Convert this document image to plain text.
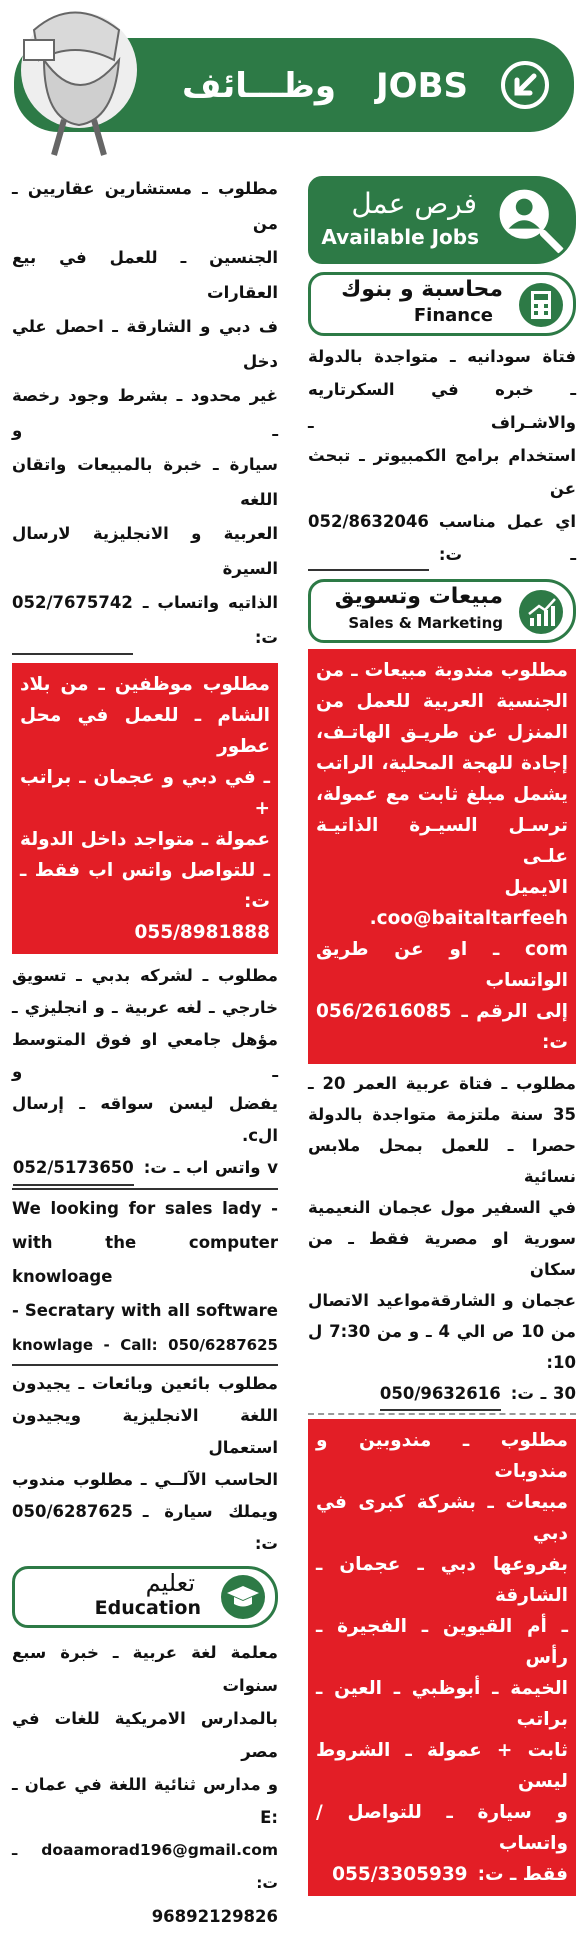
وظـــائف JOBS
فرص عمل
Available Jobs
محاسبة و بنوك
Finance
فتاة سودانيه ـ متواجدة بالدولة
ـ خبره في السكرتاريه والاشـراف ـ
استخدام برامج الكمبيوتر ـ تبحث عن
اي عمل مناسب ـ ت:
052/8632046
مبيعات وتسويق
Sales & Marketing
مطلوب مندوبة مبيعات ـ من
الجنسية العربية للعمل من
المنزل عن طريـق الهاتـف،
إجادة للهجة المحلية، الراتب
يشمل مبلغ ثابت مع عمولة،
ترسـل السيـرة الذاتيـة علـى
الايميل coo@baitaltarfeeh.
com ـ او عن طريق الواتساب
إلى الرقم ـ ت:
056/2616085
مطلوب ـ فتاة عربية العمر 20 ـ
35 سنة ملتزمة متواجدة بالدولة
حصرا ـ للعمل بمحل ملابس نسائية
في السفير مول عجمان النعيمية
سورية او مصرية فقط ـ من سكان
عجمان و الشارقةمواعيد الاتصال
من 10 ص الي 4 ـ و من 7:30 ل 10:
30 ـ ت:
050/9632616
مطلوب ـ مندوبين و مندوبات
مبيعات ـ بشركة كبرى في دبي
بفروعها دبي ـ عجمان ـ الشارقة
ـ أم القيوين ـ الفجيرة ـ رأس
الخيمة ـ أبوظبي ـ العين ـ براتب
ثابت + عمولة ـ الشروط ليسن
و سيارة ـ للتواصل / واتساب
فقط ـ ت:
055/3305939
مطلوب ـ مستشارين عقاريين ـ من
الجنسين ـ للعمل في بيع العقارات
ف دبي و الشارقة ـ احصل علي دخل
غير محدود ـ بشرط وجود رخصة ـ و
سيارة ـ خبرة بالمبيعات واتقان اللغه
العربية و الانجليزية لارسال السيرة
الذاتيه واتساب ـ ت:
052/7675742
مطلوب موظفين ـ من بلاد
الشام ـ للعمل في محل عطور
ـ في دبي و عجمان ـ براتب +
عمولة ـ متواجد داخل الدولة
ـ للتواصل واتس اب فقط ـ ت:
055/8981888
مطلوب ـ لشركه بدبي ـ تسويق
خارجي ـ لغه عربية ـ و انجليزي ـ
مؤهل جامعي او فوق المتوسط ـ و
يفضل ليسن سواقه ـ إرسال الc.
v واتس اب ـ ت:
052/5173650
We looking for sales lady -
with the computer knowloage
- Secratary with all software
knowlage - Call: 050/6287625
مطلوب بائعين وبائعات ـ يجيدون
اللغة الانجليزية ويجيدون استعمال
الحاسب الآلــي ـ مطلوب مندوب
ويملك سيارة ـ ت:
050/6287625
تعليم
Education
معلمة لغة عربية ـ خبرة سبع سنوات
بالمدارس الامريكية للغات في مصر
و مدارس ثنائية اللغة في عمان ـ :E
doaamorad196@gmail.com ـ ت:
96892129826
